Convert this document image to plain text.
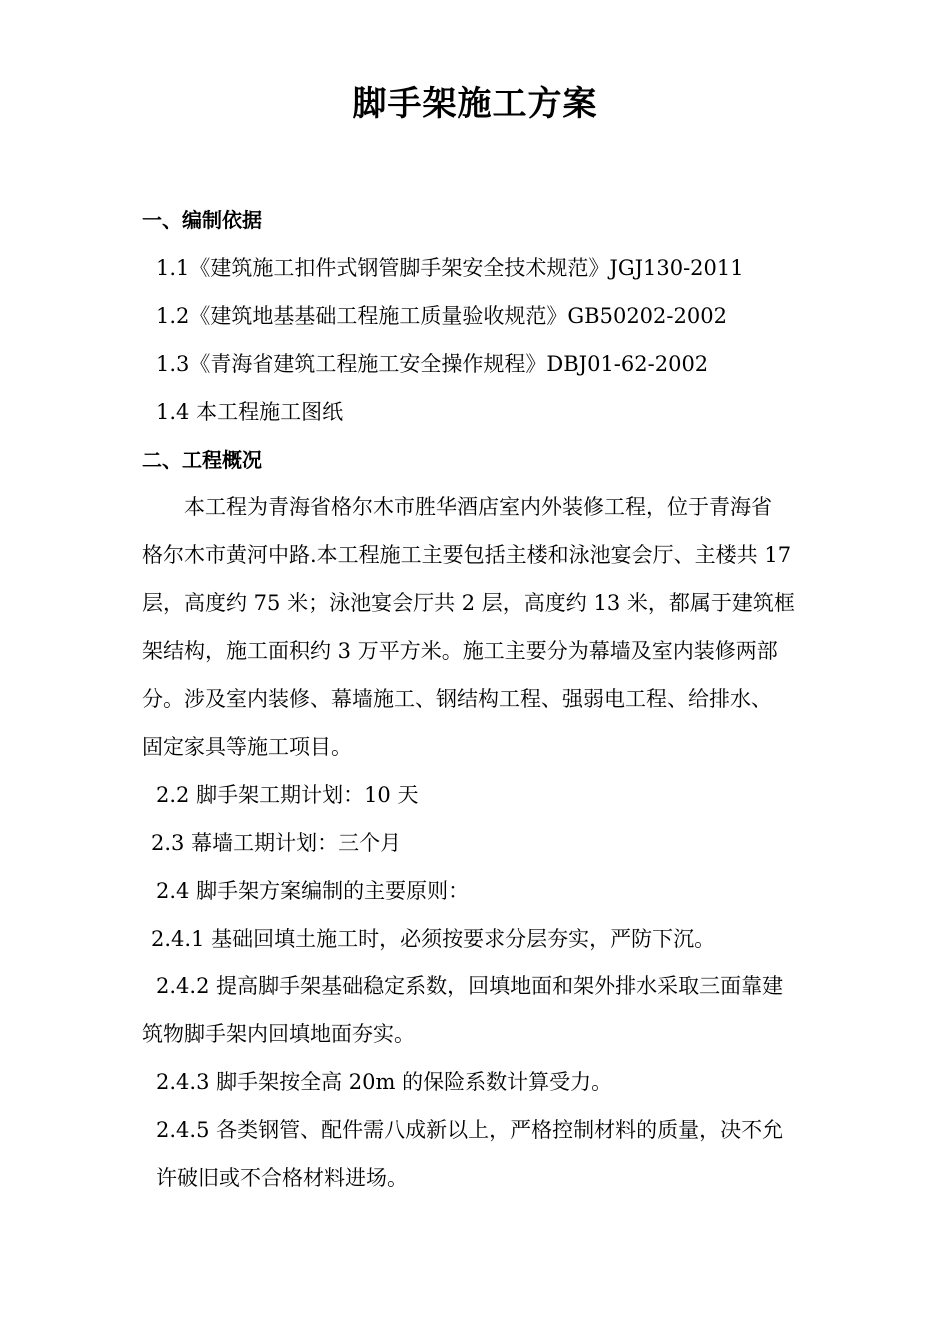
脚手架施工方案
一、编制依据
1.1《建筑施工扣件式钢管脚手架安全技术规范》JGJ130-2011
1.2《建筑地基基础工程施工质量验收规范》GB50202-2002
1.3《青海省建筑工程施工安全操作规程》DBJ01-62-2002
1.4 本工程施工图纸
二、工程概况
本工程为青海省格尔木市胜华酒店室内外装修工程，位于青海省
格尔木市黄河中路.本工程施工主要包括主楼和泳池宴会厅、主楼共 17
层，高度约 75 米；泳池宴会厅共 2 层，高度约 13 米，都属于建筑框
架结构，施工面积约 3 万平方米。施工主要分为幕墙及室内装修两部
分。涉及室内装修、幕墙施工、钢结构工程、强弱电工程、给排水、
固定家具等施工项目。
2.2 脚手架工期计划：10 天
2.3 幕墙工期计划：三个月
2.4 脚手架方案编制的主要原则：
2.4.1 基础回填土施工时，必须按要求分层夯实，严防下沉。
2.4.2 提高脚手架基础稳定系数，回填地面和架外排水采取三面靠建
筑物脚手架内回填地面夯实。
2.4.3 脚手架按全高 20m 的保险系数计算受力。
2.4.5 各类钢管、配件需八成新以上，严格控制材料的质量，决不允
许破旧或不合格材料进场。
